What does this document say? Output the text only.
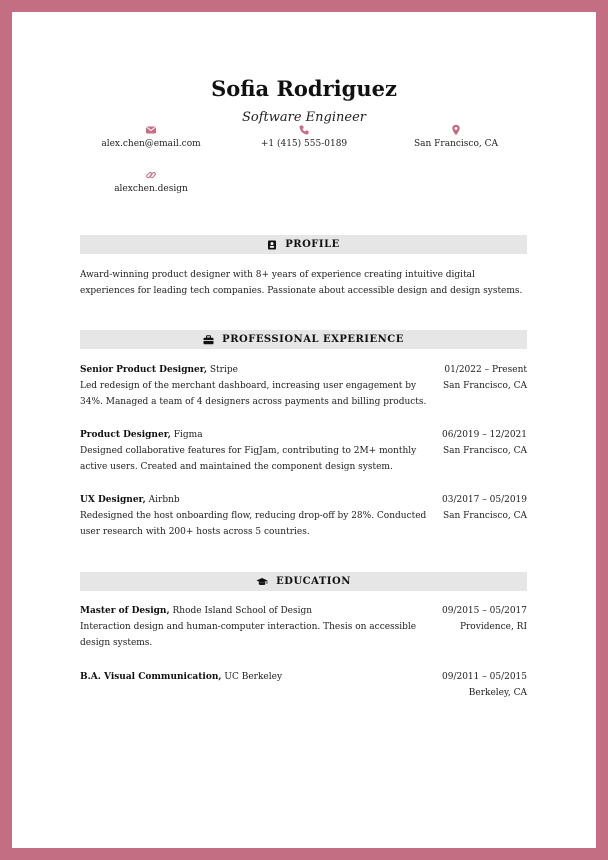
Sofia Rodriguez
Software Engineer
alex.chen@email.com	+1 (415) 555-0189	San Francisco, CA
alexchen.design
PROFILE
Award-winning product designer with 8+ years of experience creating intuitive digital experiences for leading tech companies. Passionate about accessible design and design systems.
PROFESSIONAL EXPERIENCE
Senior Product Designer, Stripe	01/2022 – Present
Led redesign of the merchant dashboard, increasing user engagement by 34%. Managed a team of 4 designers across payments and billing products.
San Francisco, CA
Product Designer, Figma	06/2019 – 12/2021
Designed collaborative features for FigJam, contributing to 2M+ monthly active users. Created and maintained the component design system.
San Francisco, CA
UX Designer, Airbnb	03/2017 – 05/2019
Redesigned the host onboarding flow, reducing drop-off by 28%. Conducted user research with 200+ hosts across 5 countries.
San Francisco, CA
EDUCATION
Master of Design, Rhode Island School of Design	09/2015 – 05/2017
Interaction design and human-computer interaction. Thesis on accessible design systems.
Providence, RI
B.A. Visual Communication, UC Berkeley	09/2011 – 05/2015
Berkeley, CA
